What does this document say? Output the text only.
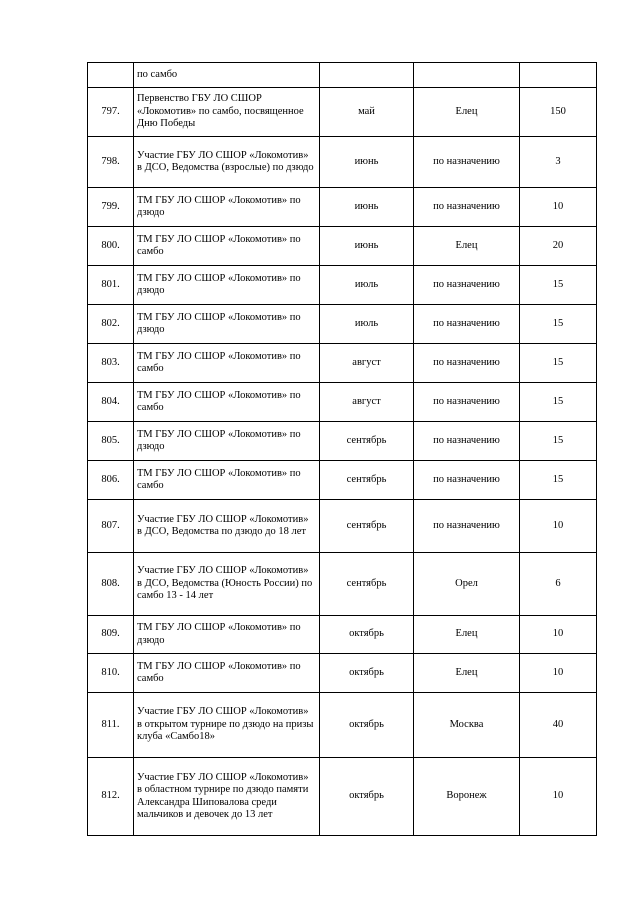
	по самбо			
797.	Первенство ГБУ ЛО СШОР «Локомотив» по самбо, посвященное Дню Победы	май	Елец	150
798.	Участие ГБУ ЛО СШОР «Локомотив» в ДСО, Ведомства (взрослые) по дзюдо	июнь	по назначению	3
799.	ТМ ГБУ ЛО СШОР «Локомотив» по дзюдо	июнь	по назначению	10
800.	ТМ ГБУ ЛО СШОР «Локомотив» по самбо	июнь	Елец	20
801.	ТМ ГБУ ЛО СШОР «Локомотив» по дзюдо	июль	по назначению	15
802.	ТМ ГБУ ЛО СШОР «Локомотив» по дзюдо	июль	по назначению	15
803.	ТМ ГБУ ЛО СШОР «Локомотив» по самбо	август	по назначению	15
804.	ТМ ГБУ ЛО СШОР «Локомотив» по самбо	август	по назначению	15
805.	ТМ ГБУ ЛО СШОР «Локомотив» по дзюдо	сентябрь	по назначению	15
806.	ТМ ГБУ ЛО СШОР «Локомотив» по самбо	сентябрь	по назначению	15
807.	Участие ГБУ ЛО СШОР «Локомотив» в ДСО, Ведомства по дзюдо до 18 лет	сентябрь	по назначению	10
808.	Участие ГБУ ЛО СШОР «Локомотив» в ДСО, Ведомства (Юность России) по самбо 13 - 14 лет	сентябрь	Орел	6
809.	ТМ ГБУ ЛО СШОР «Локомотив» по дзюдо	октябрь	Елец	10
810.	ТМ ГБУ ЛО СШОР «Локомотив» по самбо	октябрь	Елец	10
811.	Участие ГБУ ЛО СШОР «Локомотив» в открытом турнире по дзюдо на призы клуба «Самбо18»	октябрь	Москва	40
812.	Участие ГБУ ЛО СШОР «Локомотив» в областном турнире по дзюдо памяти Александра Шиповалова среди мальчиков и девочек до 13 лет	октябрь	Воронеж	10
